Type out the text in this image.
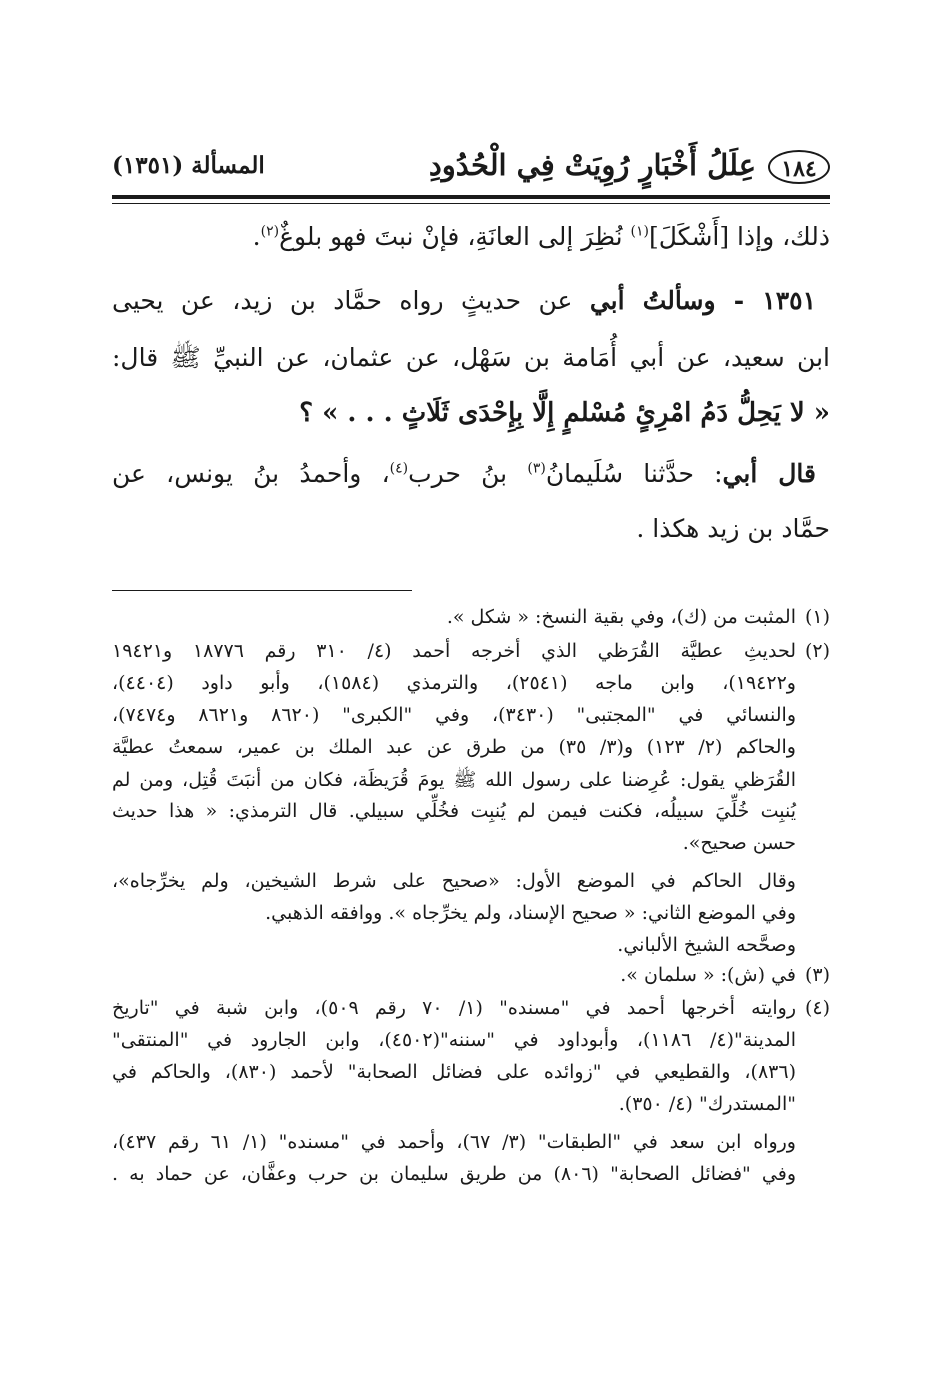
١٨٤
عِلَلُ أَخْبَارٍ رُوِيَتْ فِي الْحُدُودِ
المسألة (١٣٥١)
ذلك، وإذا [أَشْكَلَ]$^{(١)}$ نُظِرَ إلى العانَةِ، فإنْ نبتَ فهو بلوغٌ$^{(٢)}$.
١٣٥١ - وسألتُ أبي عن حديثٍ رواه حمَّاد بن زيد، عن يحيى
ابن سعيد، عن أبي أُمَامة بن سَهْل، عن عثمان، عن النبيِّ ﷺ قال:
« لا يَحِلُّ دَمُ امْرِئٍ مُسْلمٍ إِلَّا بِإِحْدَى ثَلَاثٍ . . . » ؟
قال أبي: حدَّثنا سُلَيمانُ$^{(٣)}$ بنُ حرب$^{(٤)}$، وأحمدُ بنُ يونس، عن
حمَّاد بن زيد هكذا .
(١)
المثبت من (ك)، وفي بقية النسخ: « شكل ».
(٢)
لحديثِ عطيَّة القُرَظي الذي أخرجه أحمد (٤/ ٣١٠ رقم ١٨٧٧٦ و١٩٤٢١
و١٩٤٢٢)، وابن ماجه (٢٥٤١)، والترمذي (١٥٨٤)، وأبو داود (٤٤٠٤)،
والنسائي في "المجتبى" (٣٤٣٠)، وفي "الكبرى" (٨٦٢٠ و٨٦٢١ و٧٤٧٤)،
والحاكم (٢/ ١٢٣) و(٣/ ٣٥) من طرق عن عبد الملك بن عمير، سمعتُ عطيَّة
القُرَظي يقول: عُرِضنا على رسول الله ﷺ يومَ قُرَيظَة، فكان من أنبَتَ قُتِل، ومن لم
يُنبِت خُلِّيَ سبيلُه، فكنت فيمن لم يُنبِت فخُلِّي سبيلي. قال الترمذي: « هذا حديث
حسن صحيح».
وقال الحاكم في الموضع الأول: «صحيح على شرط الشيخين، ولم يخرِّجاه»،
وفي الموضع الثاني: « صحيح الإسناد، ولم يخرِّجاه ». ووافقه الذهبي.
وصحَّحه الشيخ الألباني.
(٣)
في (ش): « سلمان ».
(٤)
روايته أخرجها أحمد في "مسنده" (١/ ٧٠ رقم ٥٠٩)، وابن شبة في "تاريخ
المدينة"(٤/ ١١٨٦)، وأبوداود في "سننه"(٤٥٠٢)، وابن الجارود في "المنتقى"
(٨٣٦)، والقطيعي في "زوائده على فضائل الصحابة" لأحمد (٨٣٠)، والحاكم في
"المستدرك" (٤/ ٣٥٠).
ورواه ابن سعد في "الطبقات" (٣/ ٦٧)، وأحمد في "مسنده" (١/ ٦١ رقم ٤٣٧)،
وفي "فضائل الصحابة" (٨٠٦) من طريق سليمان بن حرب وعفَّان، عن حماد به .
